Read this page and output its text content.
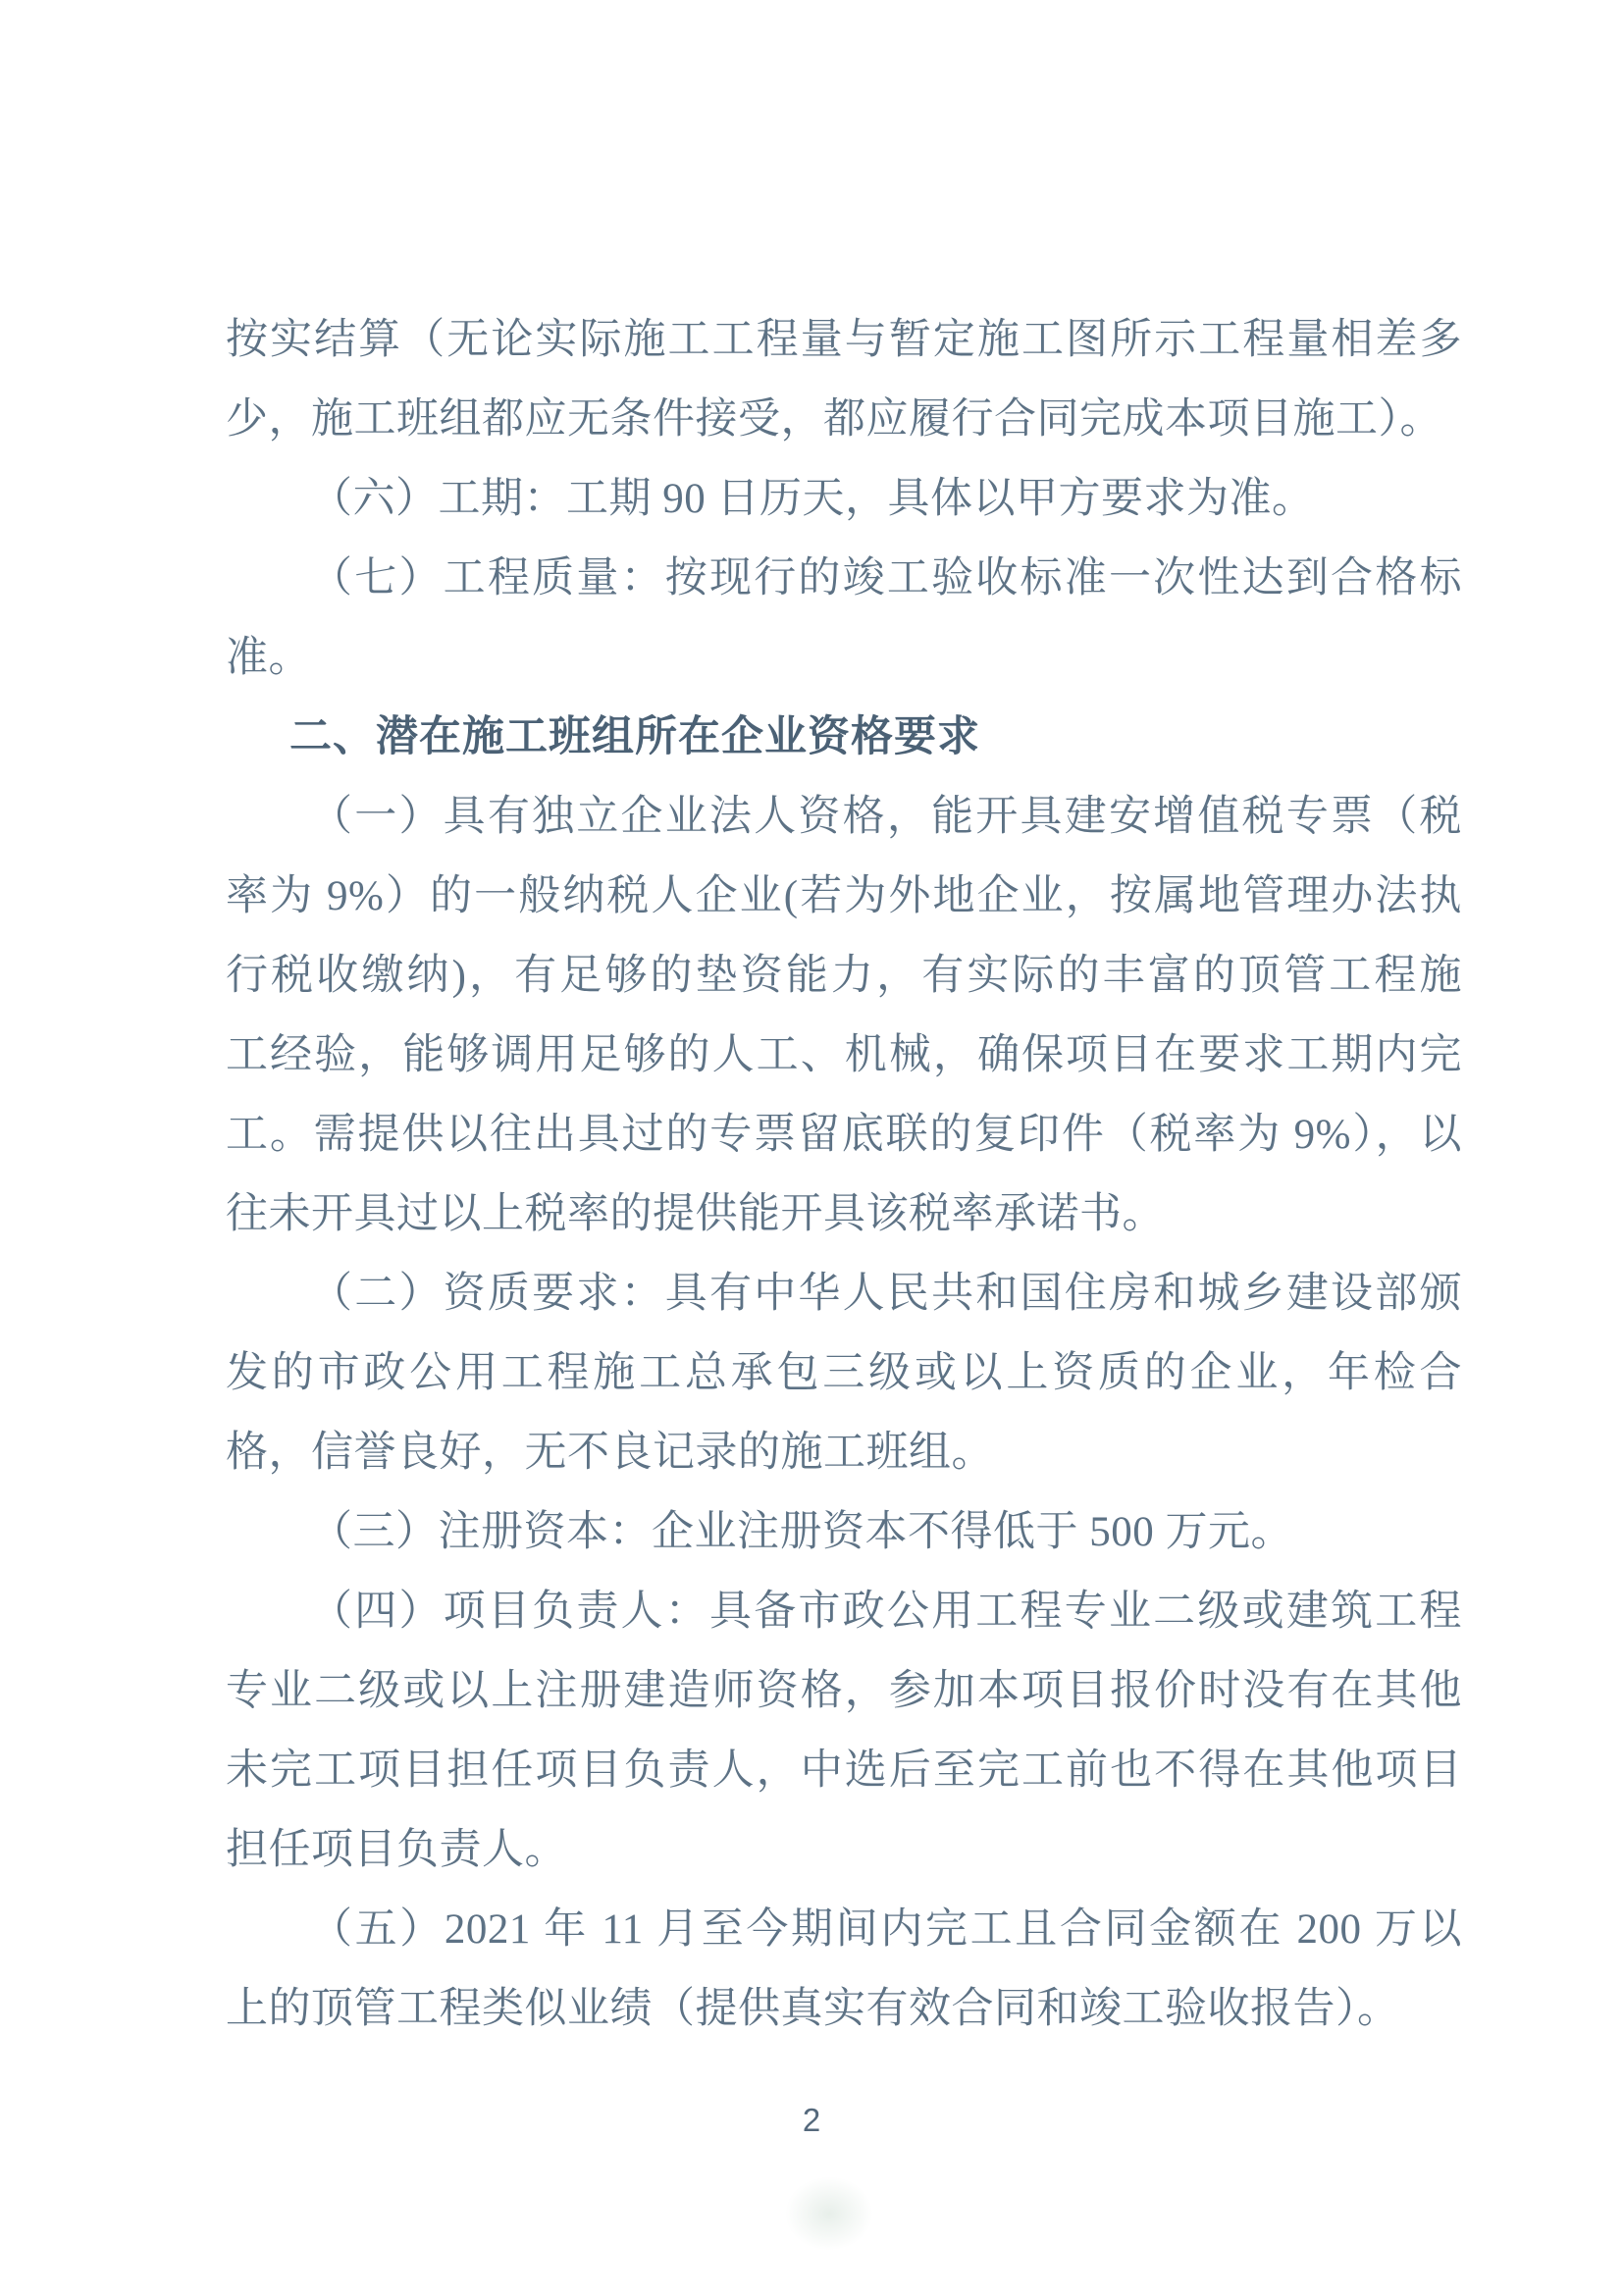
按实结算（无论实际施工工程量与暂定施工图所示工程量相差多
少，施工班组都应无条件接受，都应履行合同完成本项目施工）。
（六）工期：工期 90 日历天，具体以甲方要求为准。
（七）工程质量：按现行的竣工验收标准一次性达到合格标
准。
二、潜在施工班组所在企业资格要求
（一）具有独立企业法人资格，能开具建安增值税专票（税
率为 9%）的一般纳税人企业(若为外地企业，按属地管理办法执
行税收缴纳)，有足够的垫资能力，有实际的丰富的顶管工程施
工经验，能够调用足够的人工、机械，确保项目在要求工期内完
工。需提供以往出具过的专票留底联的复印件（税率为 9%），以
往未开具过以上税率的提供能开具该税率承诺书。
（二）资质要求：具有中华人民共和国住房和城乡建设部颁
发的市政公用工程施工总承包三级或以上资质的企业，年检合
格，信誉良好，无不良记录的施工班组。
（三）注册资本：企业注册资本不得低于 500 万元。
（四）项目负责人：具备市政公用工程专业二级或建筑工程
专业二级或以上注册建造师资格，参加本项目报价时没有在其他
未完工项目担任项目负责人，中选后至完工前也不得在其他项目
担任项目负责人。
（五）2021 年 11 月至今期间内完工且合同金额在 200 万以
上的顶管工程类似业绩（提供真实有效合同和竣工验收报告）。
2
